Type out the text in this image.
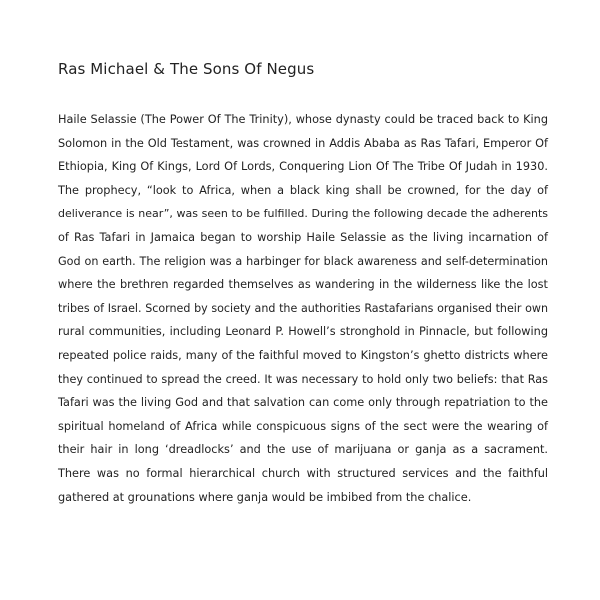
Ras Michael & The Sons Of Negus
Haile Selassie (The Power Of The Trinity), whose dynasty could be traced back to King
Solomon in the Old Testament, was crowned in Addis Ababa as Ras Tafari, Emperor Of
Ethiopia, King Of Kings, Lord Of Lords, Conquering Lion Of The Tribe Of Judah in 1930.
The prophecy, “look to Africa, when a black king shall be crowned, for the day of
deliverance is near”, was seen to be fulfilled. During the following decade the adherents
of Ras Tafari in Jamaica began to worship Haile Selassie as the living incarnation of
God on earth. The religion was a harbinger for black awareness and self-determination
where the brethren regarded themselves as wandering in the wilderness like the lost
tribes of Israel. Scorned by society and the authorities Rastafarians organised their own
rural communities, including Leonard P. Howell’s stronghold in Pinnacle, but following
repeated police raids, many of the faithful moved to Kingston’s ghetto districts where
they continued to spread the creed. It was necessary to hold only two beliefs: that Ras
Tafari was the living God and that salvation can come only through repatriation to the
spiritual homeland of Africa while conspicuous signs of the sect were the wearing of
their hair in long ‘dreadlocks’ and the use of marijuana or ganja as a sacrament.
There was no formal hierarchical church with structured services and the faithful
gathered at grounations where ganja would be imbibed from the chalice.
